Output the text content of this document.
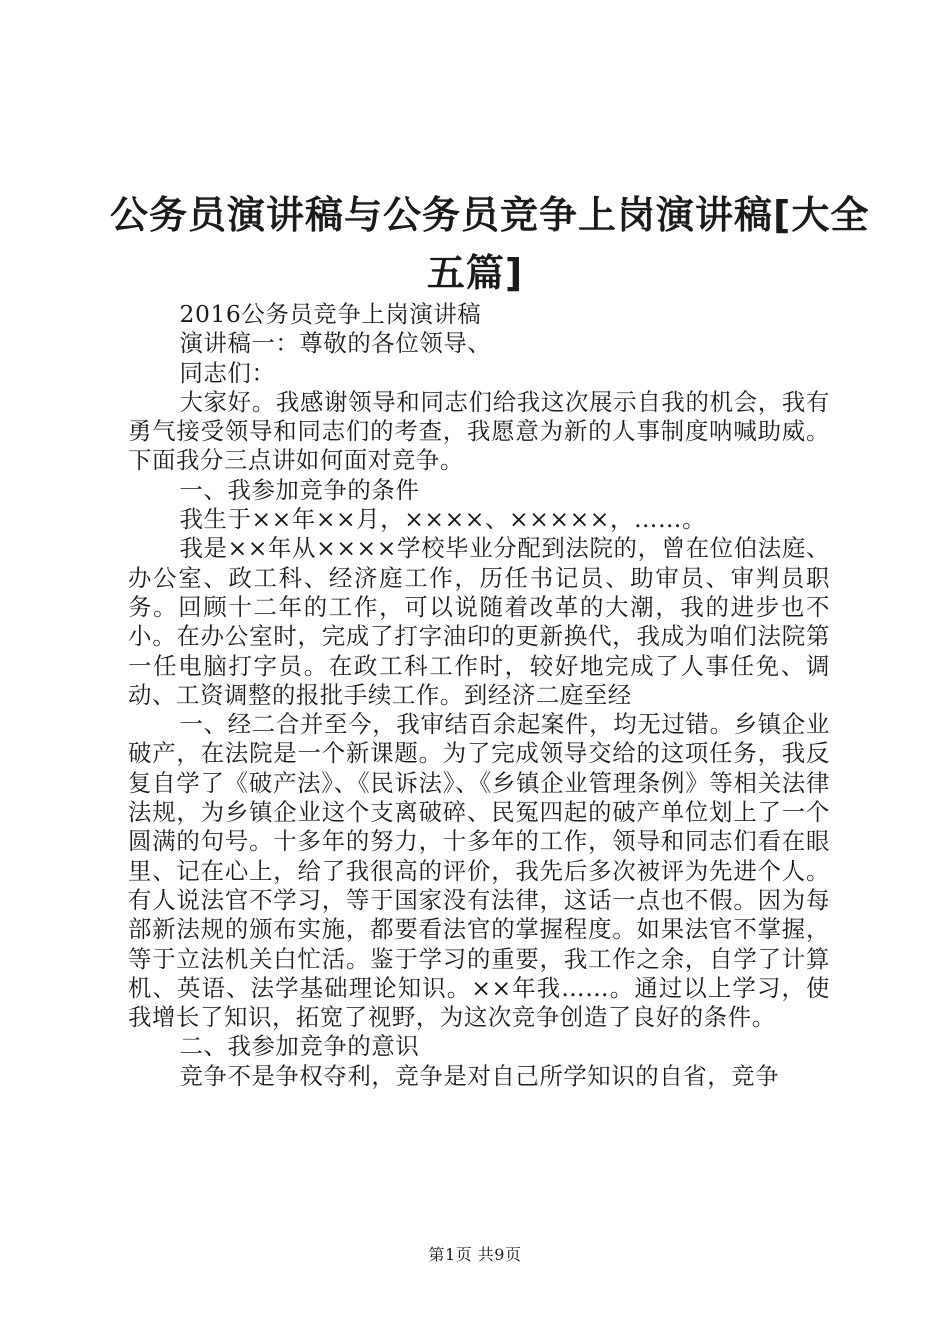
公务员演讲稿与公务员竞争上岗演讲稿[大全
五篇]

2016公务员竞争上岗演讲稿

演讲稿一：尊敬的各位领导、

同志们：

大家好。我感谢领导和同志们给我这次展示自我的机会，我有勇气接受领导和同志们的考查，我愿意为新的人事制度呐喊助威。下面我分三点讲如何面对竞争。

一、我参加竞争的条件

我生于××年××月，××××、×××××，……。

我是××年从××××学校毕业分配到法院的，曾在位伯法庭、办公室、政工科、经济庭工作，历任书记员、助审员、审判员职务。回顾十二年的工作，可以说随着改革的大潮，我的进步也不小。在办公室时，完成了打字油印的更新换代，我成为咱们法院第一任电脑打字员。在政工科工作时，较好地完成了人事任免、调动、工资调整的报批手续工作。到经济二庭至经

一、经二合并至今，我审结百余起案件，均无过错。乡镇企业破产，在法院是一个新课题。为了完成领导交给的这项任务，我反复自学了《破产法》、《民诉法》、《乡镇企业管理条例》等相关法律法规，为乡镇企业这个支离破碎、民冤四起的破产单位划上了一个圆满的句号。十多年的努力，十多年的工作，领导和同志们看在眼里、记在心上，给了我很高的评价，我先后多次被评为先进个人。有人说法官不学习，等于国家没有法律，这话一点也不假。因为每部新法规的颁布实施，都要看法官的掌握程度。如果法官不掌握，等于立法机关白忙活。鉴于学习的重要，我工作之余，自学了计算机、英语、法学基础理论知识。××年我……。通过以上学习，使我增长了知识，拓宽了视野，为这次竞争创造了良好的条件。

二、我参加竞争的意识

竞争不是争权夺利，竞争是对自己所学知识的自省，竞争

第1页 共9页
